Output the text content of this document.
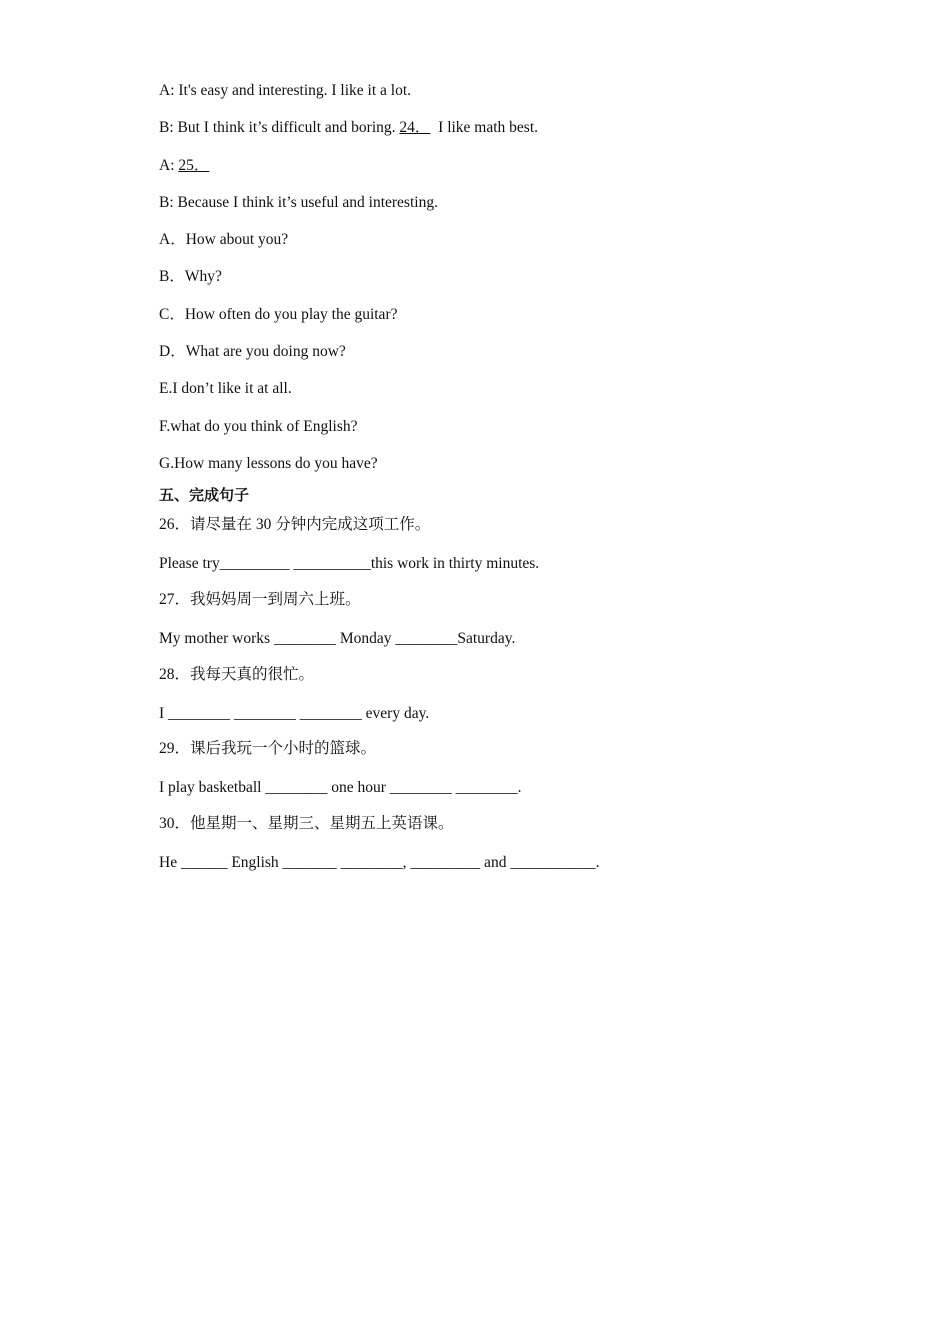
A: It's easy and interesting. I like it a lot.
B: But I think it’s difficult and boring. 24．  I like math best.
A: 25．
B: Because I think it’s useful and interesting.
A．How about you?
B．Why?
C．How often do you play the guitar?
D．What are you doing now?
E.I don’t like it at all.
F.what do you think of English?
G.How many lessons do you have?
五、完成句子
26．请尽量在 30 分钟内完成这项工作。
Please try_________ __________this work in thirty minutes.
27．我妈妈周一到周六上班。
My mother works ________ Monday ________Saturday.
28．我每天真的很忙。
I ________ ________ ________ every day.
29．课后我玩一个小时的篮球。
I play basketball ________ one hour ________ ________.
30．他星期一、星期三、星期五上英语课。
He ______ English _______ ________, _________ and ___________.
